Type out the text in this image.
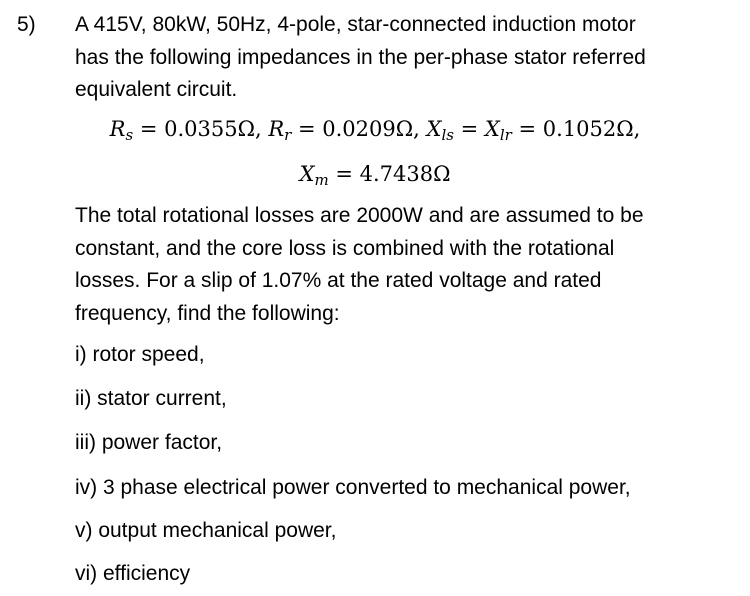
5) A 415V, 80kW, 50Hz, 4-pole, star-connected induction motor
has the following impedances in the per-phase stator referred
equivalent circuit.
$R_s = 0.0355\Omega$, $R_r = 0.0209\Omega$, $X_{ls} = X_{lr} = 0.1052\Omega$,
$X_m = 4.7438\Omega$
The total rotational losses are 2000W and are assumed to be
constant, and the core loss is combined with the rotational
losses. For a slip of 1.07% at the rated voltage and rated
frequency, find the following:
i) rotor speed,
ii) stator current,
iii) power factor,
iv) 3 phase electrical power converted to mechanical power,
v) output mechanical power,
vi) efficiency
